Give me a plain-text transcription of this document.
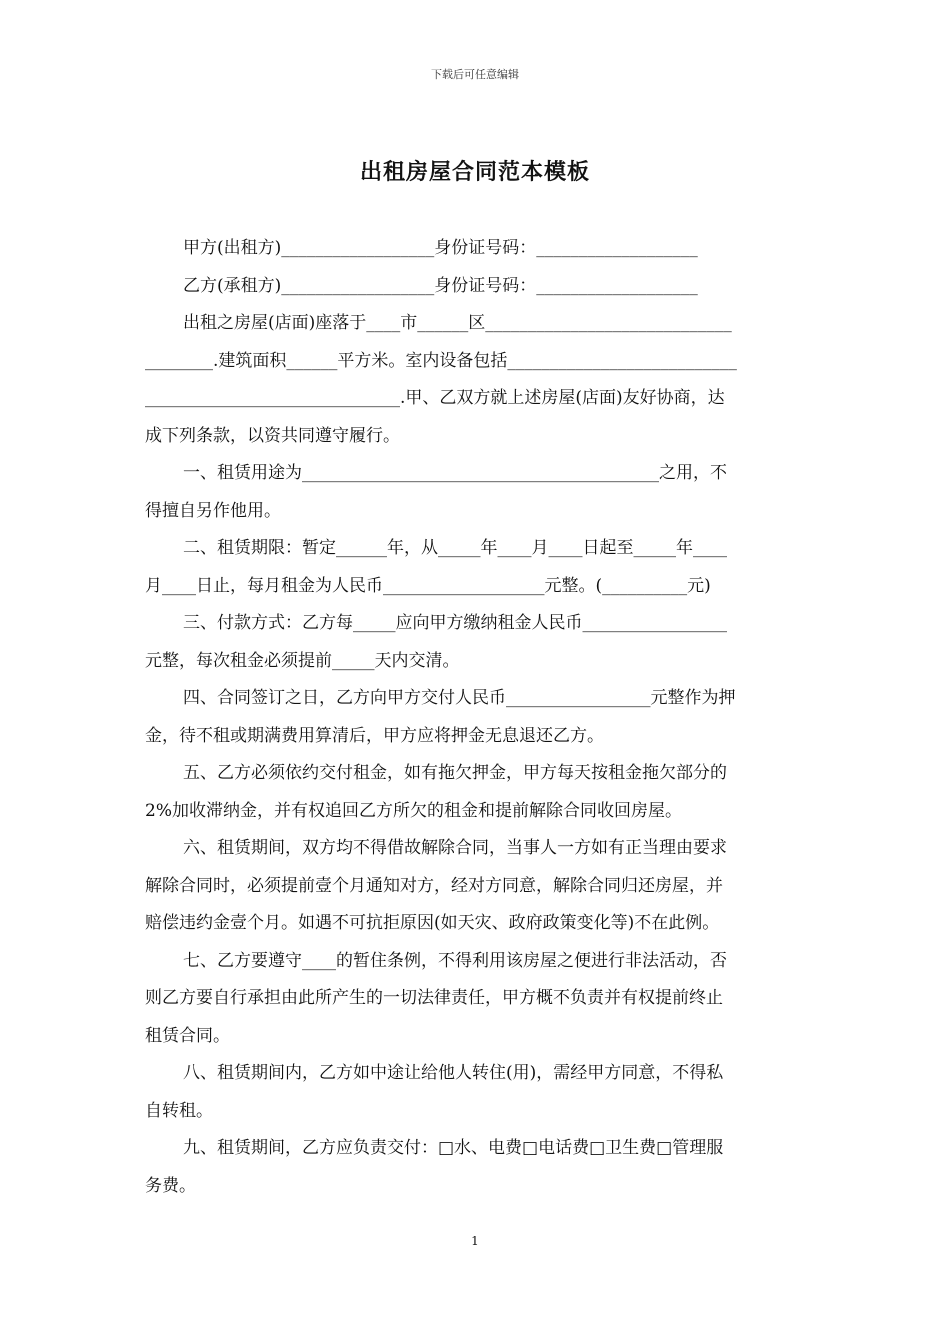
下载后可任意编辑
出租房屋合同范本模板
甲方(出租方)__________________身份证号码：___________________
乙方(承租方)__________________身份证号码：___________________
出租之房屋(店面)座落于____市______区_____________________________
________.建筑面积______平方米。室内设备包括___________________________
______________________________.甲、乙双方就上述房屋(店面)友好协商，达
成下列条款，以资共同遵守履行。
一、租赁用途为__________________________________________之用，不
得擅自另作他用。
二、租赁期限：暂定______年，从_____年____月____日起至_____年____
月____日止，每月租金为人民币___________________元整。(__________元)
三、付款方式：乙方每_____应向甲方缴纳租金人民币_________________
元整，每次租金必须提前_____天内交清。
四、合同签订之日，乙方向甲方交付人民币_________________元整作为押
金，待不租或期满费用算清后，甲方应将押金无息退还乙方。
五、乙方必须依约交付租金，如有拖欠押金，甲方每天按租金拖欠部分的
2%加收滞纳金，并有权追回乙方所欠的租金和提前解除合同收回房屋。
六、租赁期间，双方均不得借故解除合同，当事人一方如有正当理由要求
解除合同时，必须提前壹个月通知对方，经对方同意，解除合同归还房屋，并
赔偿违约金壹个月。如遇不可抗拒原因(如天灾、政府政策变化等)不在此例。
七、乙方要遵守____的暂住条例，不得利用该房屋之便进行非法活动，否
则乙方要自行承担由此所产生的一切法律责任，甲方概不负责并有权提前终止
租赁合同。
八、租赁期间内，乙方如中途让给他人转住(用)，需经甲方同意，不得私
自转租。
九、租赁期间，乙方应负责交付：□水、电费□电话费□卫生费□管理服
务费。
1
